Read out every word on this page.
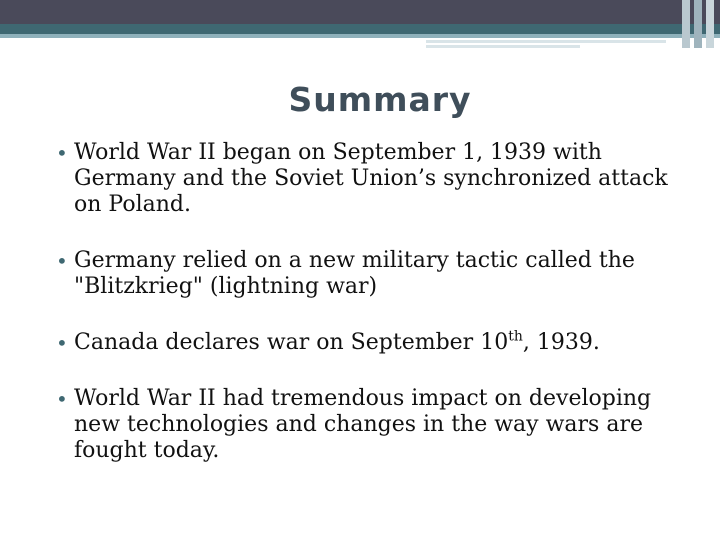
Summary
• World War II began on September 1, 1939 with Germany and the Soviet Union’s synchronized attack on Poland.
• Germany relied on a new military tactic called the "Blitzkrieg" (lightning war)
• Canada declares war on September 10th, 1939.
• World War II had tremendous impact on developing new technologies and changes in the way wars are fought today.
